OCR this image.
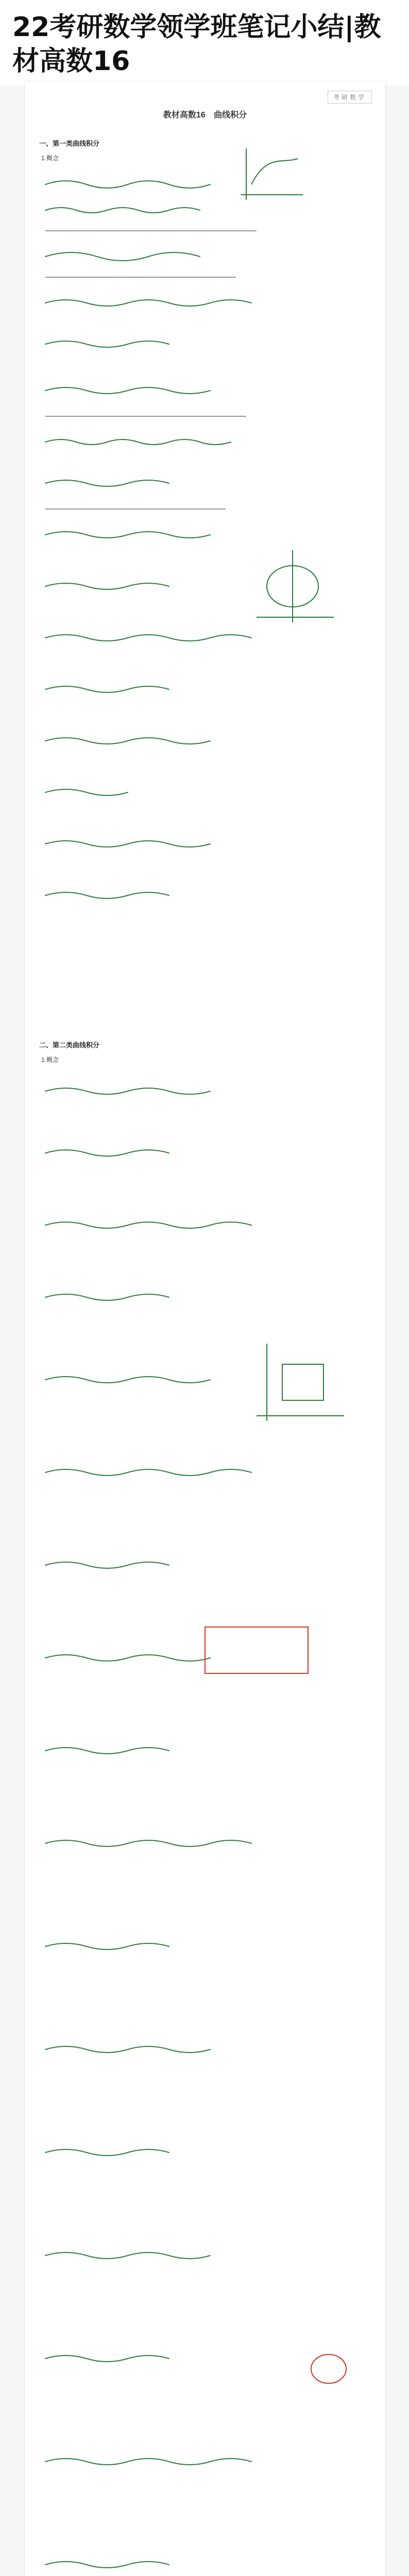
22考研数学领学班笔记小结|教材高数16
考研数学
教材高数16 曲线积分
一、第一类曲线积分
1.概念
二、第二类曲线积分
1.概念
